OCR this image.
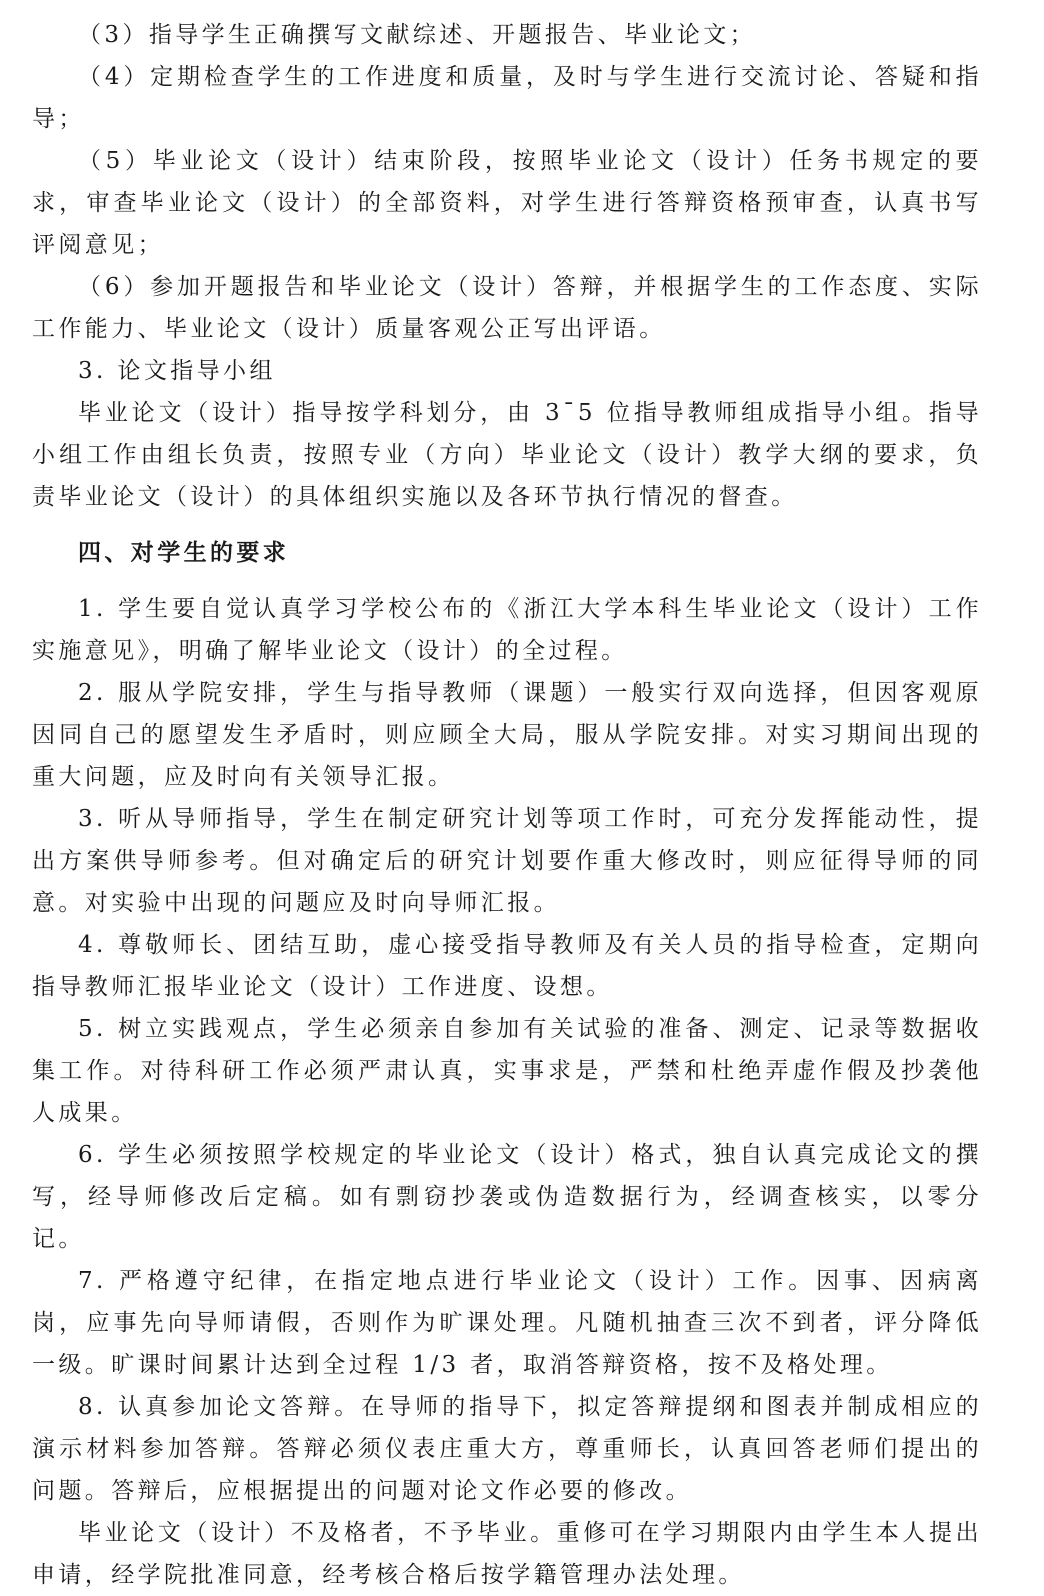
（3）指导学生正确撰写文献综述、开题报告、毕业论文；

（4）定期检查学生的工作进度和质量，及时与学生进行交流讨论、答疑和指导；

（5）毕业论文（设计）结束阶段，按照毕业论文（设计）任务书规定的要求，审查毕业论文（设计）的全部资料，对学生进行答辩资格预审查，认真书写评阅意见；

（6）参加开题报告和毕业论文（设计）答辩，并根据学生的工作态度、实际工作能力、毕业论文（设计）质量客观公正写出评语。

3. 论文指导小组

毕业论文（设计）指导按学科划分，由 3¯5 位指导教师组成指导小组。指导小组工作由组长负责，按照专业（方向）毕业论文（设计）教学大纲的要求，负责毕业论文（设计）的具体组织实施以及各环节执行情况的督查。

四、对学生的要求

1. 学生要自觉认真学习学校公布的《浙江大学本科生毕业论文（设计）工作实施意见》，明确了解毕业论文（设计）的全过程。

2. 服从学院安排，学生与指导教师（课题）一般实行双向选择，但因客观原因同自己的愿望发生矛盾时，则应顾全大局，服从学院安排。对实习期间出现的重大问题，应及时向有关领导汇报。

3. 听从导师指导，学生在制定研究计划等项工作时，可充分发挥能动性，提出方案供导师参考。但对确定后的研究计划要作重大修改时，则应征得导师的同意。对实验中出现的问题应及时向导师汇报。

4. 尊敬师长、团结互助，虚心接受指导教师及有关人员的指导检查，定期向指导教师汇报毕业论文（设计）工作进度、设想。

5. 树立实践观点，学生必须亲自参加有关试验的准备、测定、记录等数据收集工作。对待科研工作必须严肃认真，实事求是，严禁和杜绝弄虚作假及抄袭他人成果。

6. 学生必须按照学校规定的毕业论文（设计）格式，独自认真完成论文的撰写，经导师修改后定稿。如有剽窃抄袭或伪造数据行为，经调查核实，以零分记。

7. 严格遵守纪律，在指定地点进行毕业论文（设计）工作。因事、因病离岗，应事先向导师请假，否则作为旷课处理。凡随机抽查三次不到者，评分降低一级。旷课时间累计达到全过程 1/3 者，取消答辩资格，按不及格处理。

8. 认真参加论文答辩。在导师的指导下，拟定答辩提纲和图表并制成相应的演示材料参加答辩。答辩必须仪表庄重大方，尊重师长，认真回答老师们提出的问题。答辩后，应根据提出的问题对论文作必要的修改。

毕业论文（设计）不及格者，不予毕业。重修可在学习期限内由学生本人提出申请，经学院批准同意，经考核合格后按学籍管理办法处理。
